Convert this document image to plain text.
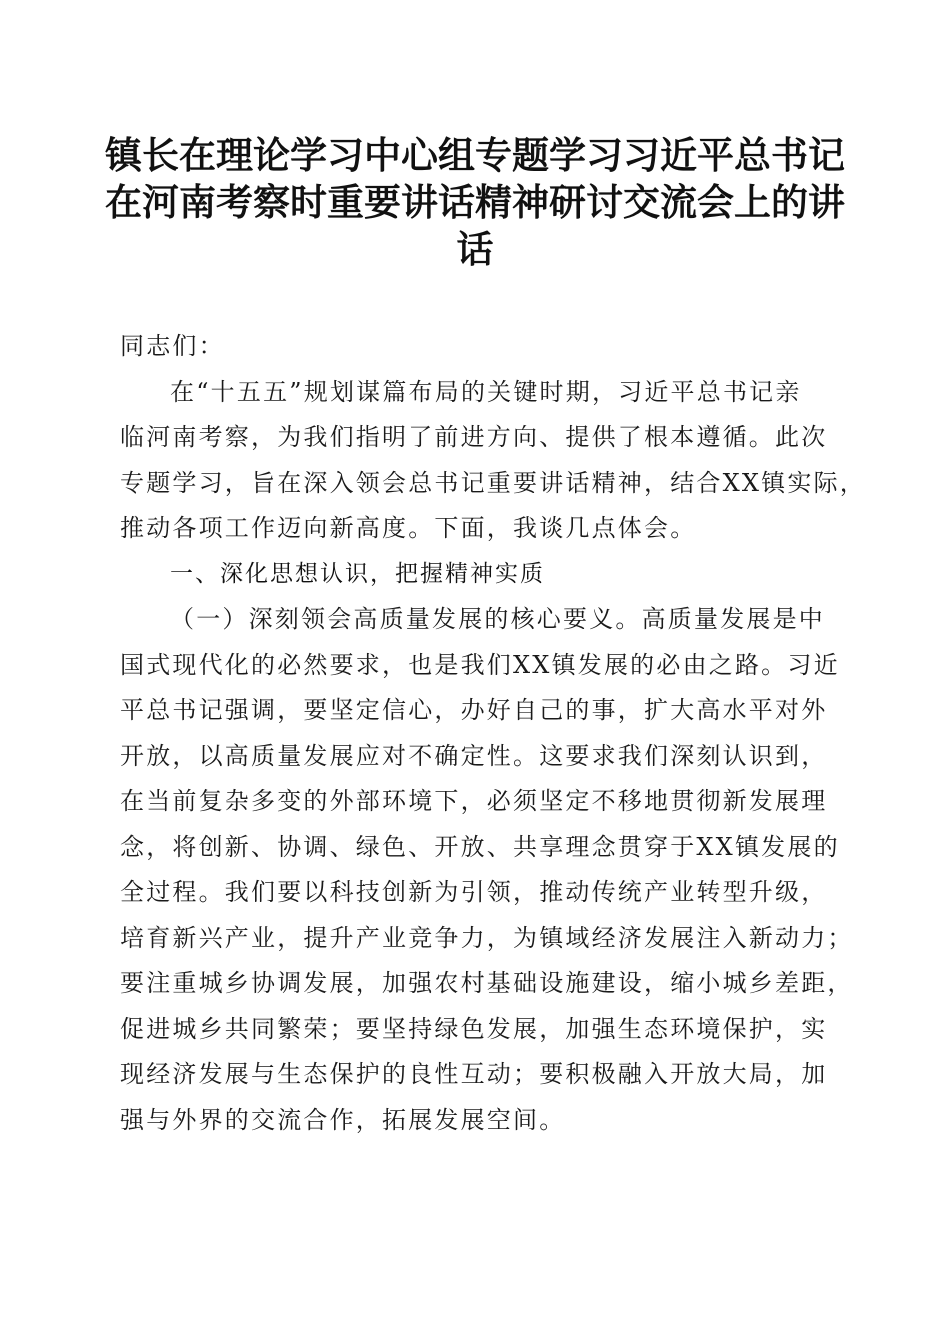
镇长在理论学习中心组专题学习习近平总书记
在河南考察时重要讲话精神研讨交流会上的讲
话
同志们：
在“十五五”规划谋篇布局的关键时期，习近平总书记亲
临河南考察，为我们指明了前进方向、提供了根本遵循。此次
专题学习，旨在深入领会总书记重要讲话精神，结合XX镇实际，
推动各项工作迈向新高度。下面，我谈几点体会。
一、深化思想认识，把握精神实质
（一）深刻领会高质量发展的核心要义。高质量发展是中
国式现代化的必然要求，也是我们XX镇发展的必由之路。习近
平总书记强调，要坚定信心，办好自己的事，扩大高水平对外
开放，以高质量发展应对不确定性。这要求我们深刻认识到，
在当前复杂多变的外部环境下，必须坚定不移地贯彻新发展理
念，将创新、协调、绿色、开放、共享理念贯穿于XX镇发展的
全过程。我们要以科技创新为引领，推动传统产业转型升级，
培育新兴产业，提升产业竞争力，为镇域经济发展注入新动力；
要注重城乡协调发展，加强农村基础设施建设，缩小城乡差距，
促进城乡共同繁荣；要坚持绿色发展，加强生态环境保护，实
现经济发展与生态保护的良性互动；要积极融入开放大局，加
强与外界的交流合作，拓展发展空间。
